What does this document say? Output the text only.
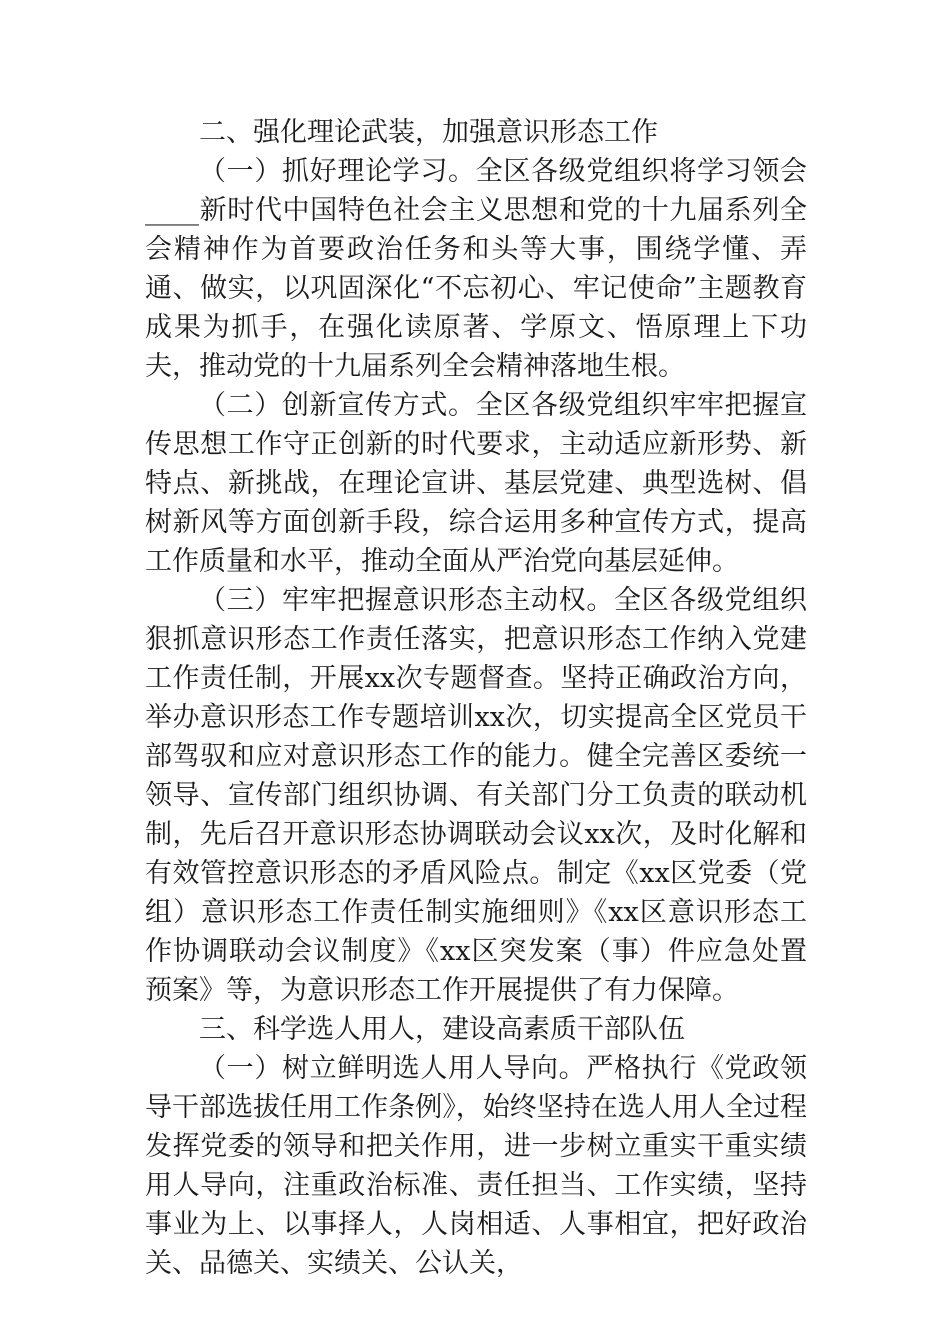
二、强化理论武装，加强意识形态工作

（一）抓好理论学习。全区各级党组织将学习领会____新时代中国特色社会主义思想和党的十九届系列全会精神作为首要政治任务和头等大事，围绕学懂、弄通、做实，以巩固深化“不忘初心、牢记使命”主题教育成果为抓手，在强化读原著、学原文、悟原理上下功夫，推动党的十九届系列全会精神落地生根。

（二）创新宣传方式。全区各级党组织牢牢把握宣传思想工作守正创新的时代要求，主动适应新形势、新特点、新挑战，在理论宣讲、基层党建、典型选树、倡树新风等方面创新手段，综合运用多种宣传方式，提高工作质量和水平，推动全面从严治党向基层延伸。

（三）牢牢把握意识形态主动权。全区各级党组织狠抓意识形态工作责任落实，把意识形态工作纳入党建工作责任制，开展xx次专题督查。坚持正确政治方向，举办意识形态工作专题培训xx次，切实提高全区党员干部驾驭和应对意识形态工作的能力。健全完善区委统一领导、宣传部门组织协调、有关部门分工负责的联动机制，先后召开意识形态协调联动会议xx次，及时化解和有效管控意识形态的矛盾风险点。制定《xx区党委（党组）意识形态工作责任制实施细则》《xx区意识形态工作协调联动会议制度》《xx区突发案（事）件应急处置预案》等，为意识形态工作开展提供了有力保障。

三、科学选人用人，建设高素质干部队伍

（一）树立鲜明选人用人导向。严格执行《党政领导干部选拔任用工作条例》，始终坚持在选人用人全过程发挥党委的领导和把关作用，进一步树立重实干重实绩用人导向，注重政治标准、责任担当、工作实绩，坚持事业为上、以事择人，人岗相适、人事相宜，把好政治关、品德关、实绩关、公认关，
